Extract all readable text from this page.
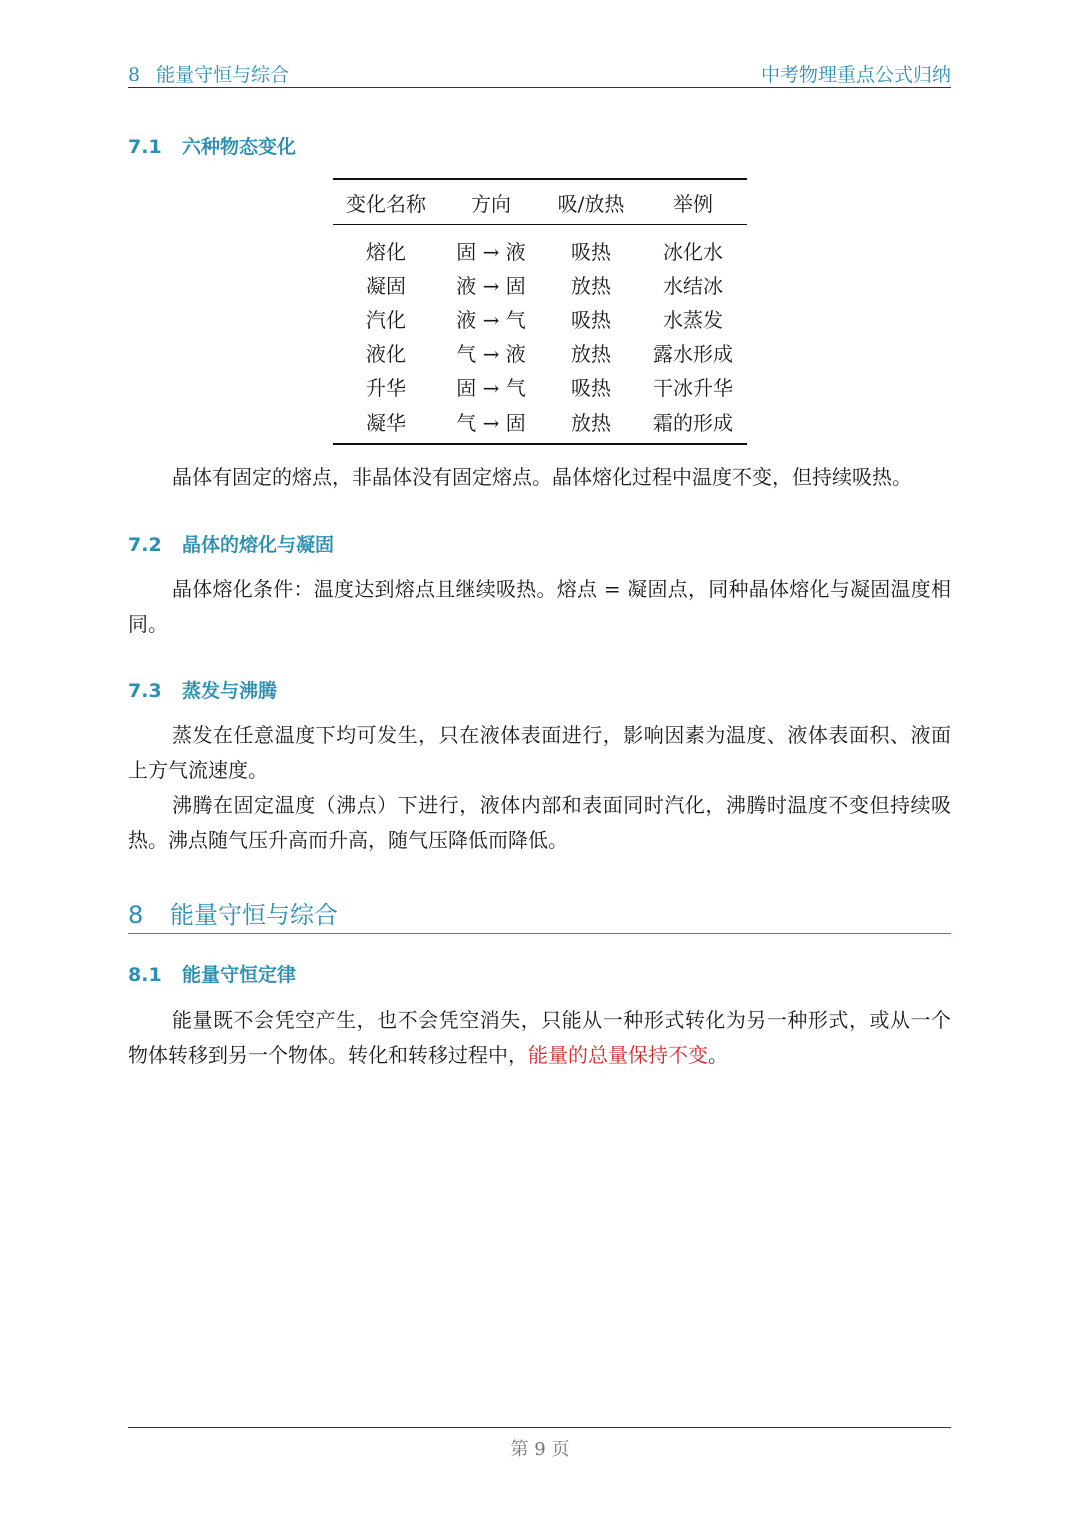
8 能量守恒与综合	中考物理重点公式归纳
7.1 六种物态变化
变化名称	方向	吸/放热	举例
熔化	固 → 液	吸热	冰化水
凝固	液 → 固	放热	水结冰
汽化	液 → 气	吸热	水蒸发
液化	气 → 液	放热	露水形成
升华	固 → 气	吸热	干冰升华
凝华	气 → 固	放热	霜的形成

晶体有固定的熔点，非晶体没有固定熔点。晶体熔化过程中温度不变，但持续吸热。

7.2 晶体的熔化与凝固

晶体熔化条件：温度达到熔点且继续吸热。熔点 = 凝固点，同种晶体熔化与凝固温度相同。

7.3 蒸发与沸腾

蒸发在任意温度下均可发生，只在液体表面进行，影响因素为温度、液体表面积、液面上方气流速度。

沸腾在固定温度（沸点）下进行，液体内部和表面同时汽化，沸腾时温度不变但持续吸热。沸点随气压升高而升高，随气压降低而降低。

8 能量守恒与综合
8.1 能量守恒定律

能量既不会凭空产生，也不会凭空消失，只能从一种形式转化为另一种形式，或从一个物体转移到另一个物体。转化和转移过程中，能量的总量保持不变。

第 9 页
